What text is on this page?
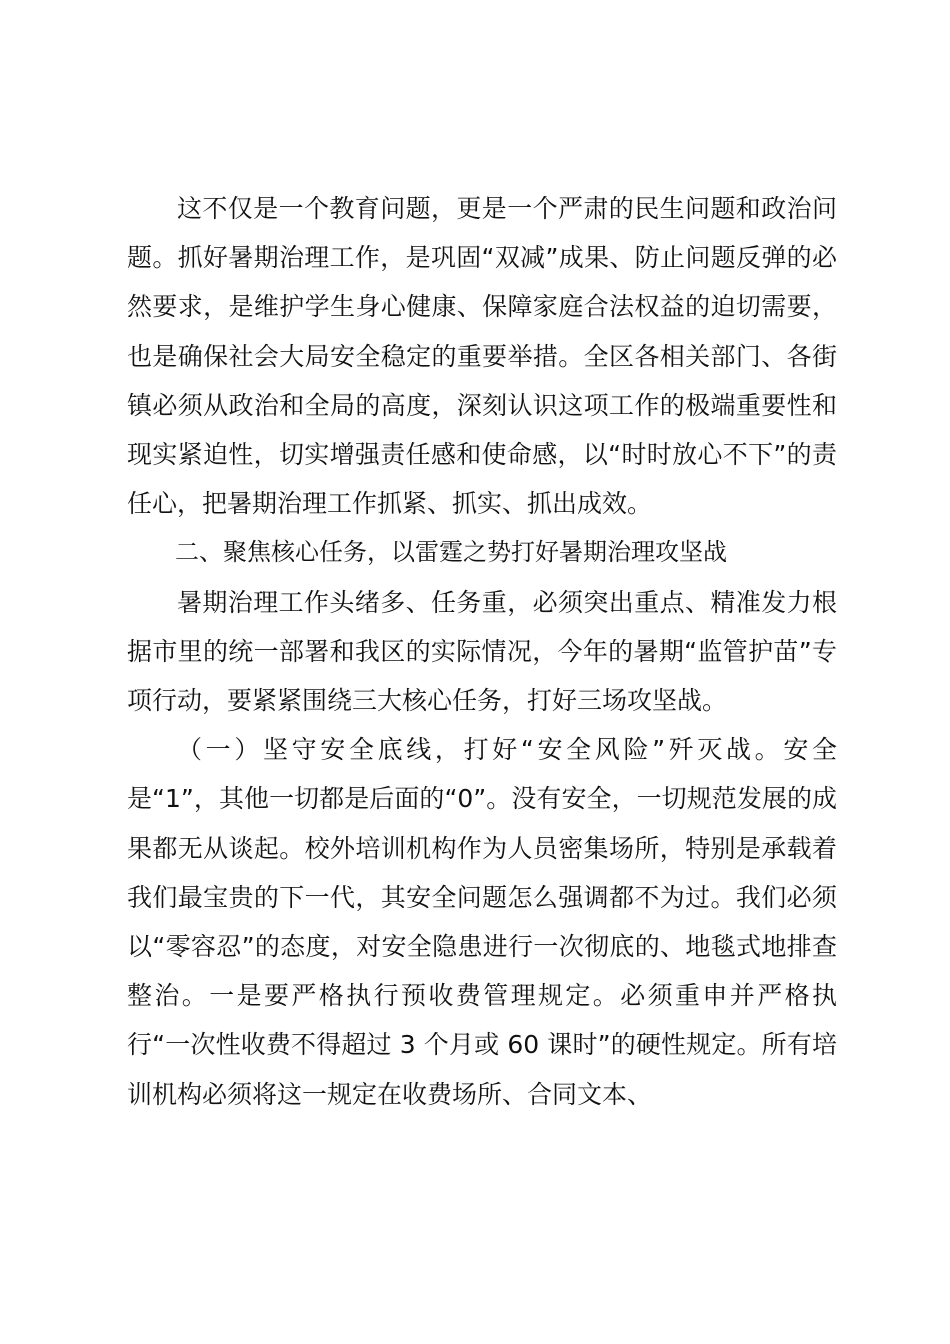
这不仅是一个教育问题，更是一个严肃的民生问题和政治问题。抓好暑期治理工作，是巩固“双减”成果、防止问题反弹的必然要求，是维护学生身心健康、保障家庭合法权益的迫切需要，也是确保社会大局安全稳定的重要举措。全区各相关部门、各街镇必须从政治和全局的高度，深刻认识这项工作的极端重要性和现实紧迫性，切实增强责任感和使命感，以“时时放心不下”的责任心，把暑期治理工作抓紧、抓实、抓出成效。

二、聚焦核心任务，以雷霆之势打好暑期治理攻坚战

暑期治理工作头绪多、任务重，必须突出重点、精准发力根据市里的统一部署和我区的实际情况，今年的暑期“监管护苗”专项行动，要紧紧围绕三大核心任务，打好三场攻坚战。

（一）坚守安全底线，打好“安全风险”歼灭战。安全是“1”，其他一切都是后面的“0”。没有安全，一切规范发展的成果都无从谈起。校外培训机构作为人员密集场所，特别是承载着我们最宝贵的下一代，其安全问题怎么强调都不为过。我们必须以“零容忍”的态度，对安全隐患进行一次彻底的、地毯式地排查整治。一是要严格执行预收费管理规定。必须重申并严格执行“一次性收费不得超过 3 个月或 60 课时”的硬性规定。所有培训机构必须将这一规定在收费场所、合同文本、
